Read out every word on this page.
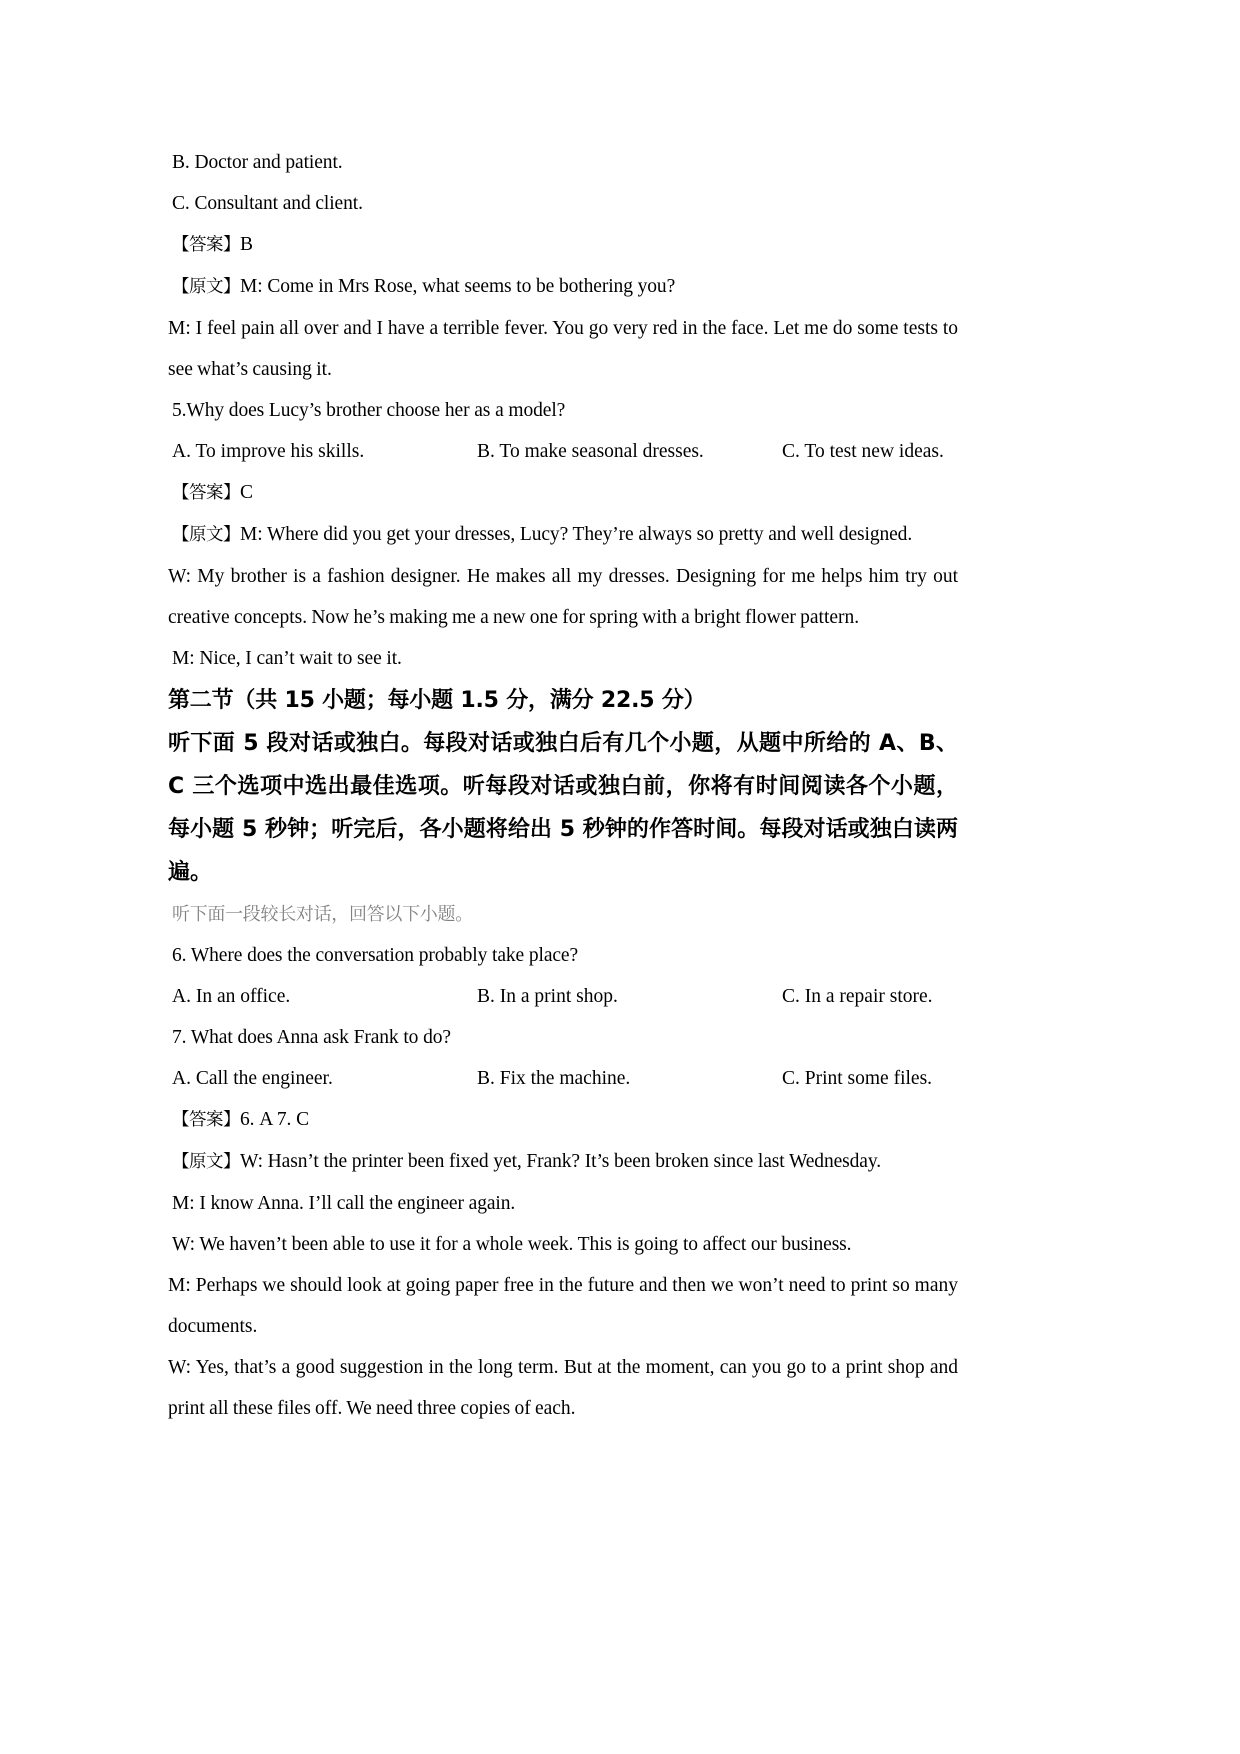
B. Doctor and patient.
C. Consultant and client.
【答案】B
【原文】M: Come in Mrs Rose, what seems to be bothering you?
M: I feel pain all over and I have a terrible fever. You go very red in the face. Let me do some tests to see what’s causing it.
5.Why does Lucy’s brother choose her as a model?
A. To improve his skills.	B. To make seasonal dresses.	C. To test new ideas.
【答案】C
【原文】M: Where did you get your dresses, Lucy? They’re always so pretty and well designed.
W: My brother is a fashion designer. He makes all my dresses. Designing for me helps him try out creative concepts. Now he’s making me a new one for spring with a bright flower pattern.
M: Nice, I can’t wait to see it.
第二节（共 15 小题；每小题 1.5 分，满分 22.5 分）
听下面 5 段对话或独白。每段对话或独白后有几个小题，从题中所给的 A、B、C 三个选项中选出最佳选项。听每段对话或独白前，你将有时间阅读各个小题，每小题 5 秒钟；听完后，各小题将给出 5 秒钟的作答时间。每段对话或独白读两遍。
听下面一段较长对话，回答以下小题。
6. Where does the conversation probably take place?
A. In an office.	B. In a print shop.	C. In a repair store.
7. What does Anna ask Frank to do?
A. Call the engineer.	B. Fix the machine.	C. Print some files.
【答案】6. A 7. C
【原文】W: Hasn’t the printer been fixed yet, Frank? It’s been broken since last Wednesday.
M: I know Anna. I’ll call the engineer again.
W: We haven’t been able to use it for a whole week. This is going to affect our business.
M: Perhaps we should look at going paper free in the future and then we won’t need to print so many documents.
W: Yes, that’s a good suggestion in the long term. But at the moment, can you go to a print shop and print all these files off. We need three copies of each.
